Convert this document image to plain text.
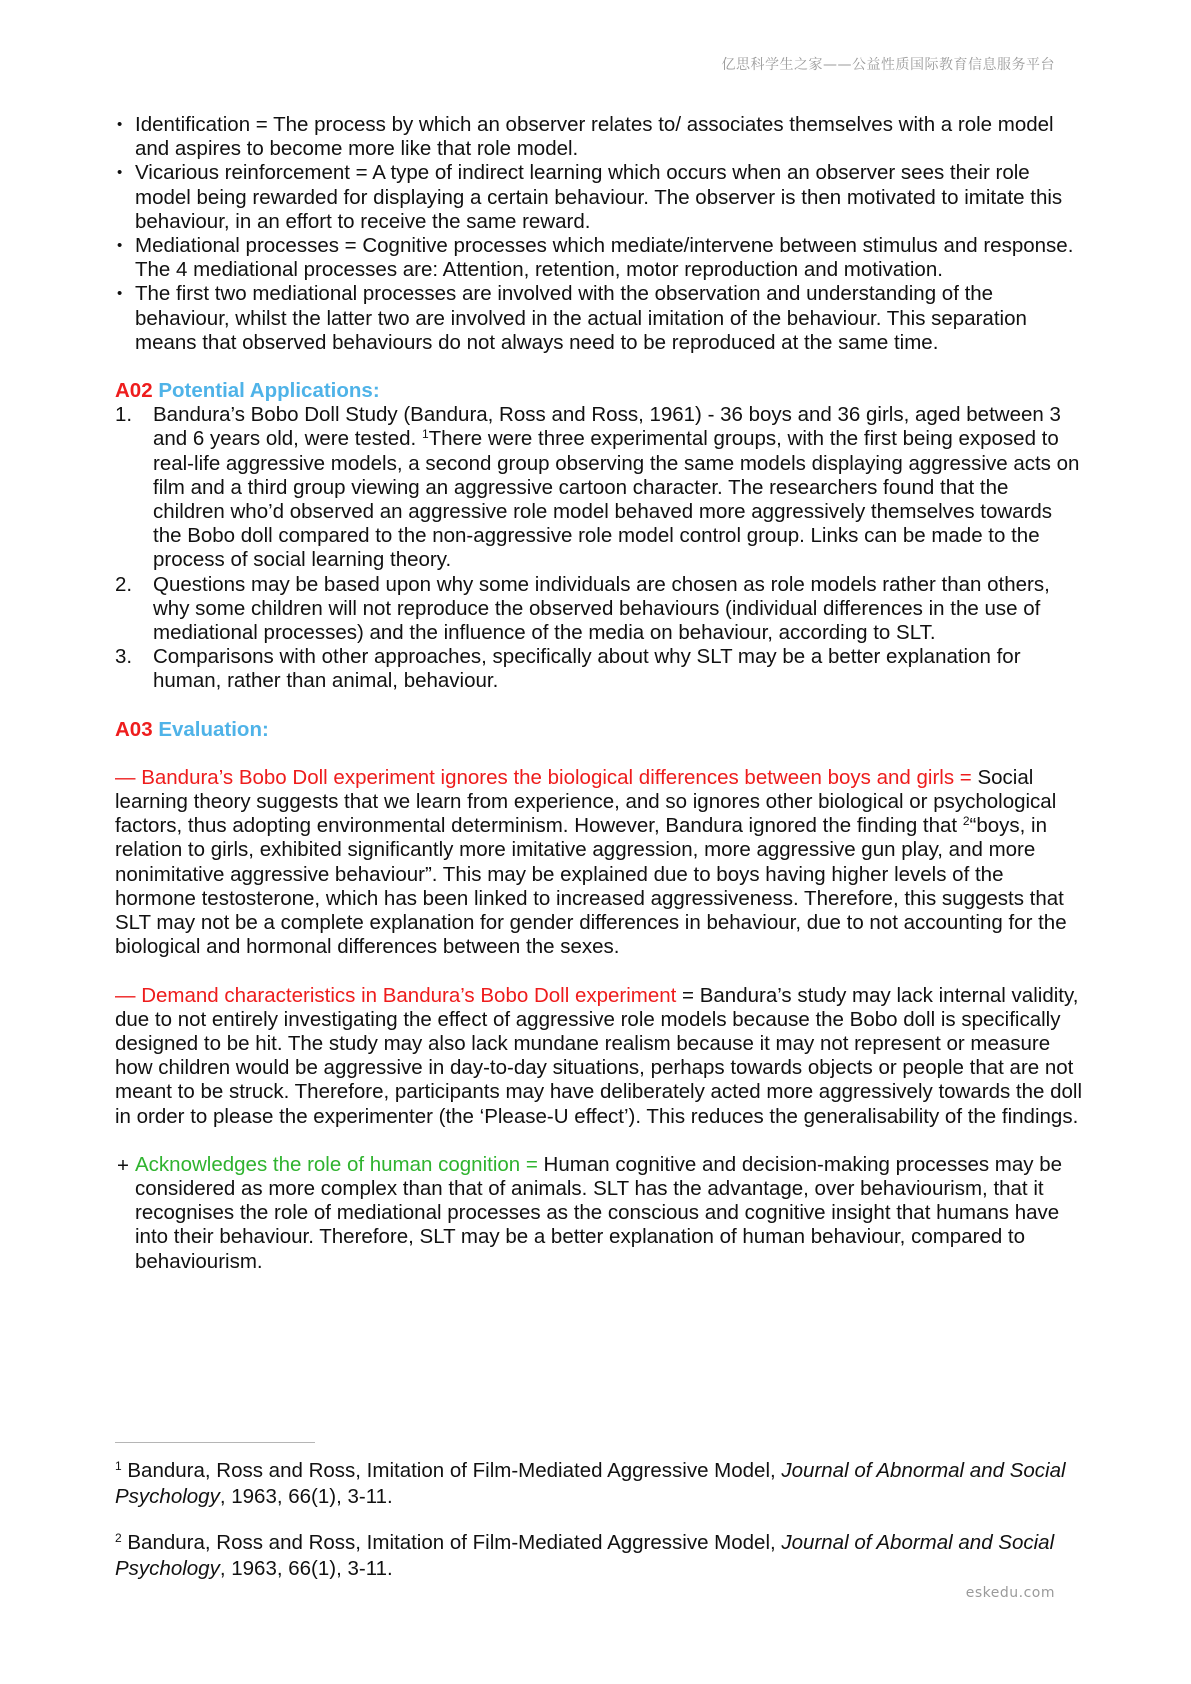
亿思科学生之家——公益性质国际教育信息服务平台
• Identification = The process by which an observer relates to/ associates themselves with a role model and aspires to become more like that role model.
• Vicarious reinforcement = A type of indirect learning which occurs when an observer sees their role model being rewarded for displaying a certain behaviour. The observer is then motivated to imitate this behaviour, in an effort to receive the same reward.
• Mediational processes = Cognitive processes which mediate/intervene between stimulus and response. The 4 mediational processes are: Attention, retention, motor reproduction and motivation.
• The first two mediational processes are involved with the observation and understanding of the behaviour, whilst the latter two are involved in the actual imitation of the behaviour. This separation means that observed behaviours do not always need to be reproduced at the same time.
A02 Potential Applications:
1. Bandura’s Bobo Doll Study (Bandura, Ross and Ross, 1961) - 36 boys and 36 girls, aged between 3 and 6 years old, were tested. $^1$There were three experimental groups, with the first being exposed to real-life aggressive models, a second group observing the same models displaying aggressive acts on film and a third group viewing an aggressive cartoon character. The researchers found that the children who’d observed an aggressive role model behaved more aggressively themselves towards the Bobo doll compared to the non-aggressive role model control group. Links can be made to the process of social learning theory.
2. Questions may be based upon why some individuals are chosen as role models rather than others, why some children will not reproduce the observed behaviours (individual differences in the use of mediational processes) and the influence of the media on behaviour, according to SLT.
3. Comparisons with other approaches, specifically about why SLT may be a better explanation for human, rather than animal, behaviour.
A03 Evaluation:
— Bandura’s Bobo Doll experiment ignores the biological differences between boys and girls = Social learning theory suggests that we learn from experience, and so ignores other biological or psychological factors, thus adopting environmental determinism. However, Bandura ignored the finding that $^2$“boys, in relation to girls, exhibited significantly more imitative aggression, more aggressive gun play, and more nonimitative aggressive behaviour”. This may be explained due to boys having higher levels of the hormone testosterone, which has been linked to increased aggressiveness. Therefore, this suggests that SLT may not be a complete explanation for gender differences in behaviour, due to not accounting for the biological and hormonal differences between the sexes.
— Demand characteristics in Bandura’s Bobo Doll experiment = Bandura’s study may lack internal validity, due to not entirely investigating the effect of aggressive role models because the Bobo doll is specifically designed to be hit. The study may also lack mundane realism because it may not represent or measure how children would be aggressive in day-to-day situations, perhaps towards objects or people that are not meant to be struck. Therefore, participants may have deliberately acted more aggressively towards the doll in order to please the experimenter (the ‘Please-U effect’). This reduces the generalisability of the findings.
+ Acknowledges the role of human cognition = Human cognitive and decision-making processes may be considered as more complex than that of animals. SLT has the advantage, over behaviourism, that it recognises the role of mediational processes as the conscious and cognitive insight that humans have into their behaviour. Therefore, SLT may be a better explanation of human behaviour, compared to behaviourism.
$^1$ Bandura, Ross and Ross, Imitation of Film-Mediated Aggressive Model, Journal of Abnormal and Social Psychology, 1963, 66(1), 3-11.
$^2$ Bandura, Ross and Ross, Imitation of Film-Mediated Aggressive Model, Journal of Abormal and Social Psychology, 1963, 66(1), 3-11.
eskedu.com
